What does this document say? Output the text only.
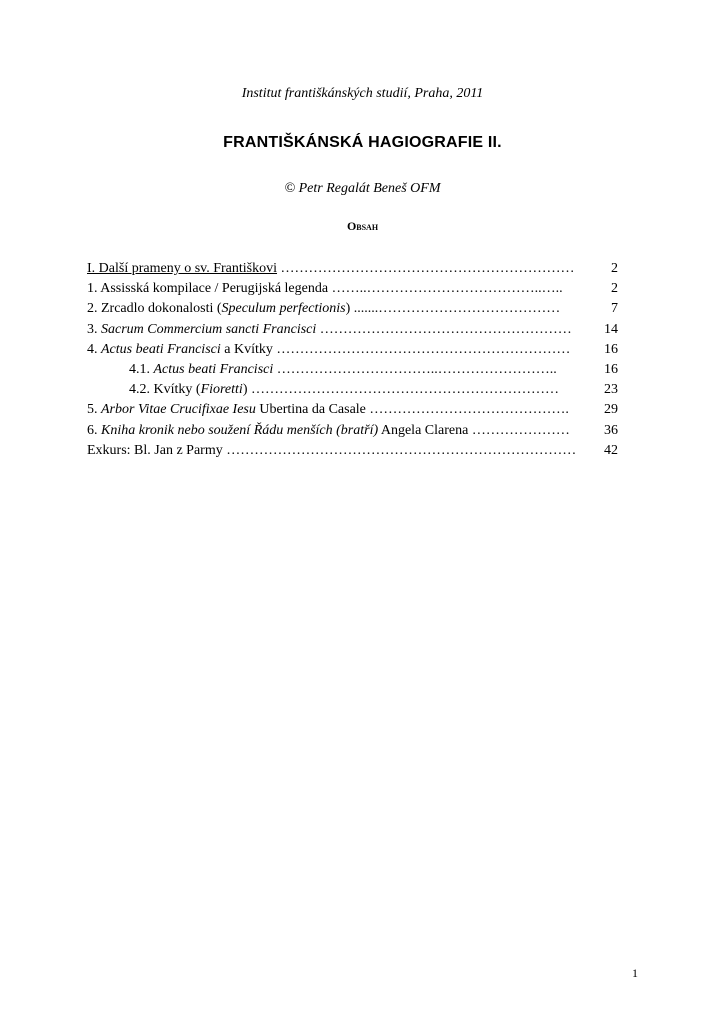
Institut františkánských studií, Praha, 2011
FRANTIŠKÁNSKÁ HAGIOGRAFIE II.
© Petr Regalát Beneš OFM
Obsah
I. Další prameny o sv. Františkovi ………………………………………………………	2
1. Assisská kompilace / Perugijská legenda ……..………………………………..…..	2
2. Zrcadlo dokonalosti (Speculum perfectionis) .......…………………………………	7
3. Sacrum Commercium sancti Francisci ………………………………………………	14
4. Actus beati Francisci a Kvítky ………………………………………………………	16
4.1. Actus beati Francisci ……………………………..……………………..	16
4.2. Kvítky (Fioretti) …………………………………………………………	23
5. Arbor Vitae Crucifixae Iesu Ubertina da Casale …………………………………….	29
6. Kniha kronik nebo soužení Řádu menších (bratří) Angela Clarena …………………	36
Exkurs: Bl. Jan z Parmy …………………………………………………………………	42
1
